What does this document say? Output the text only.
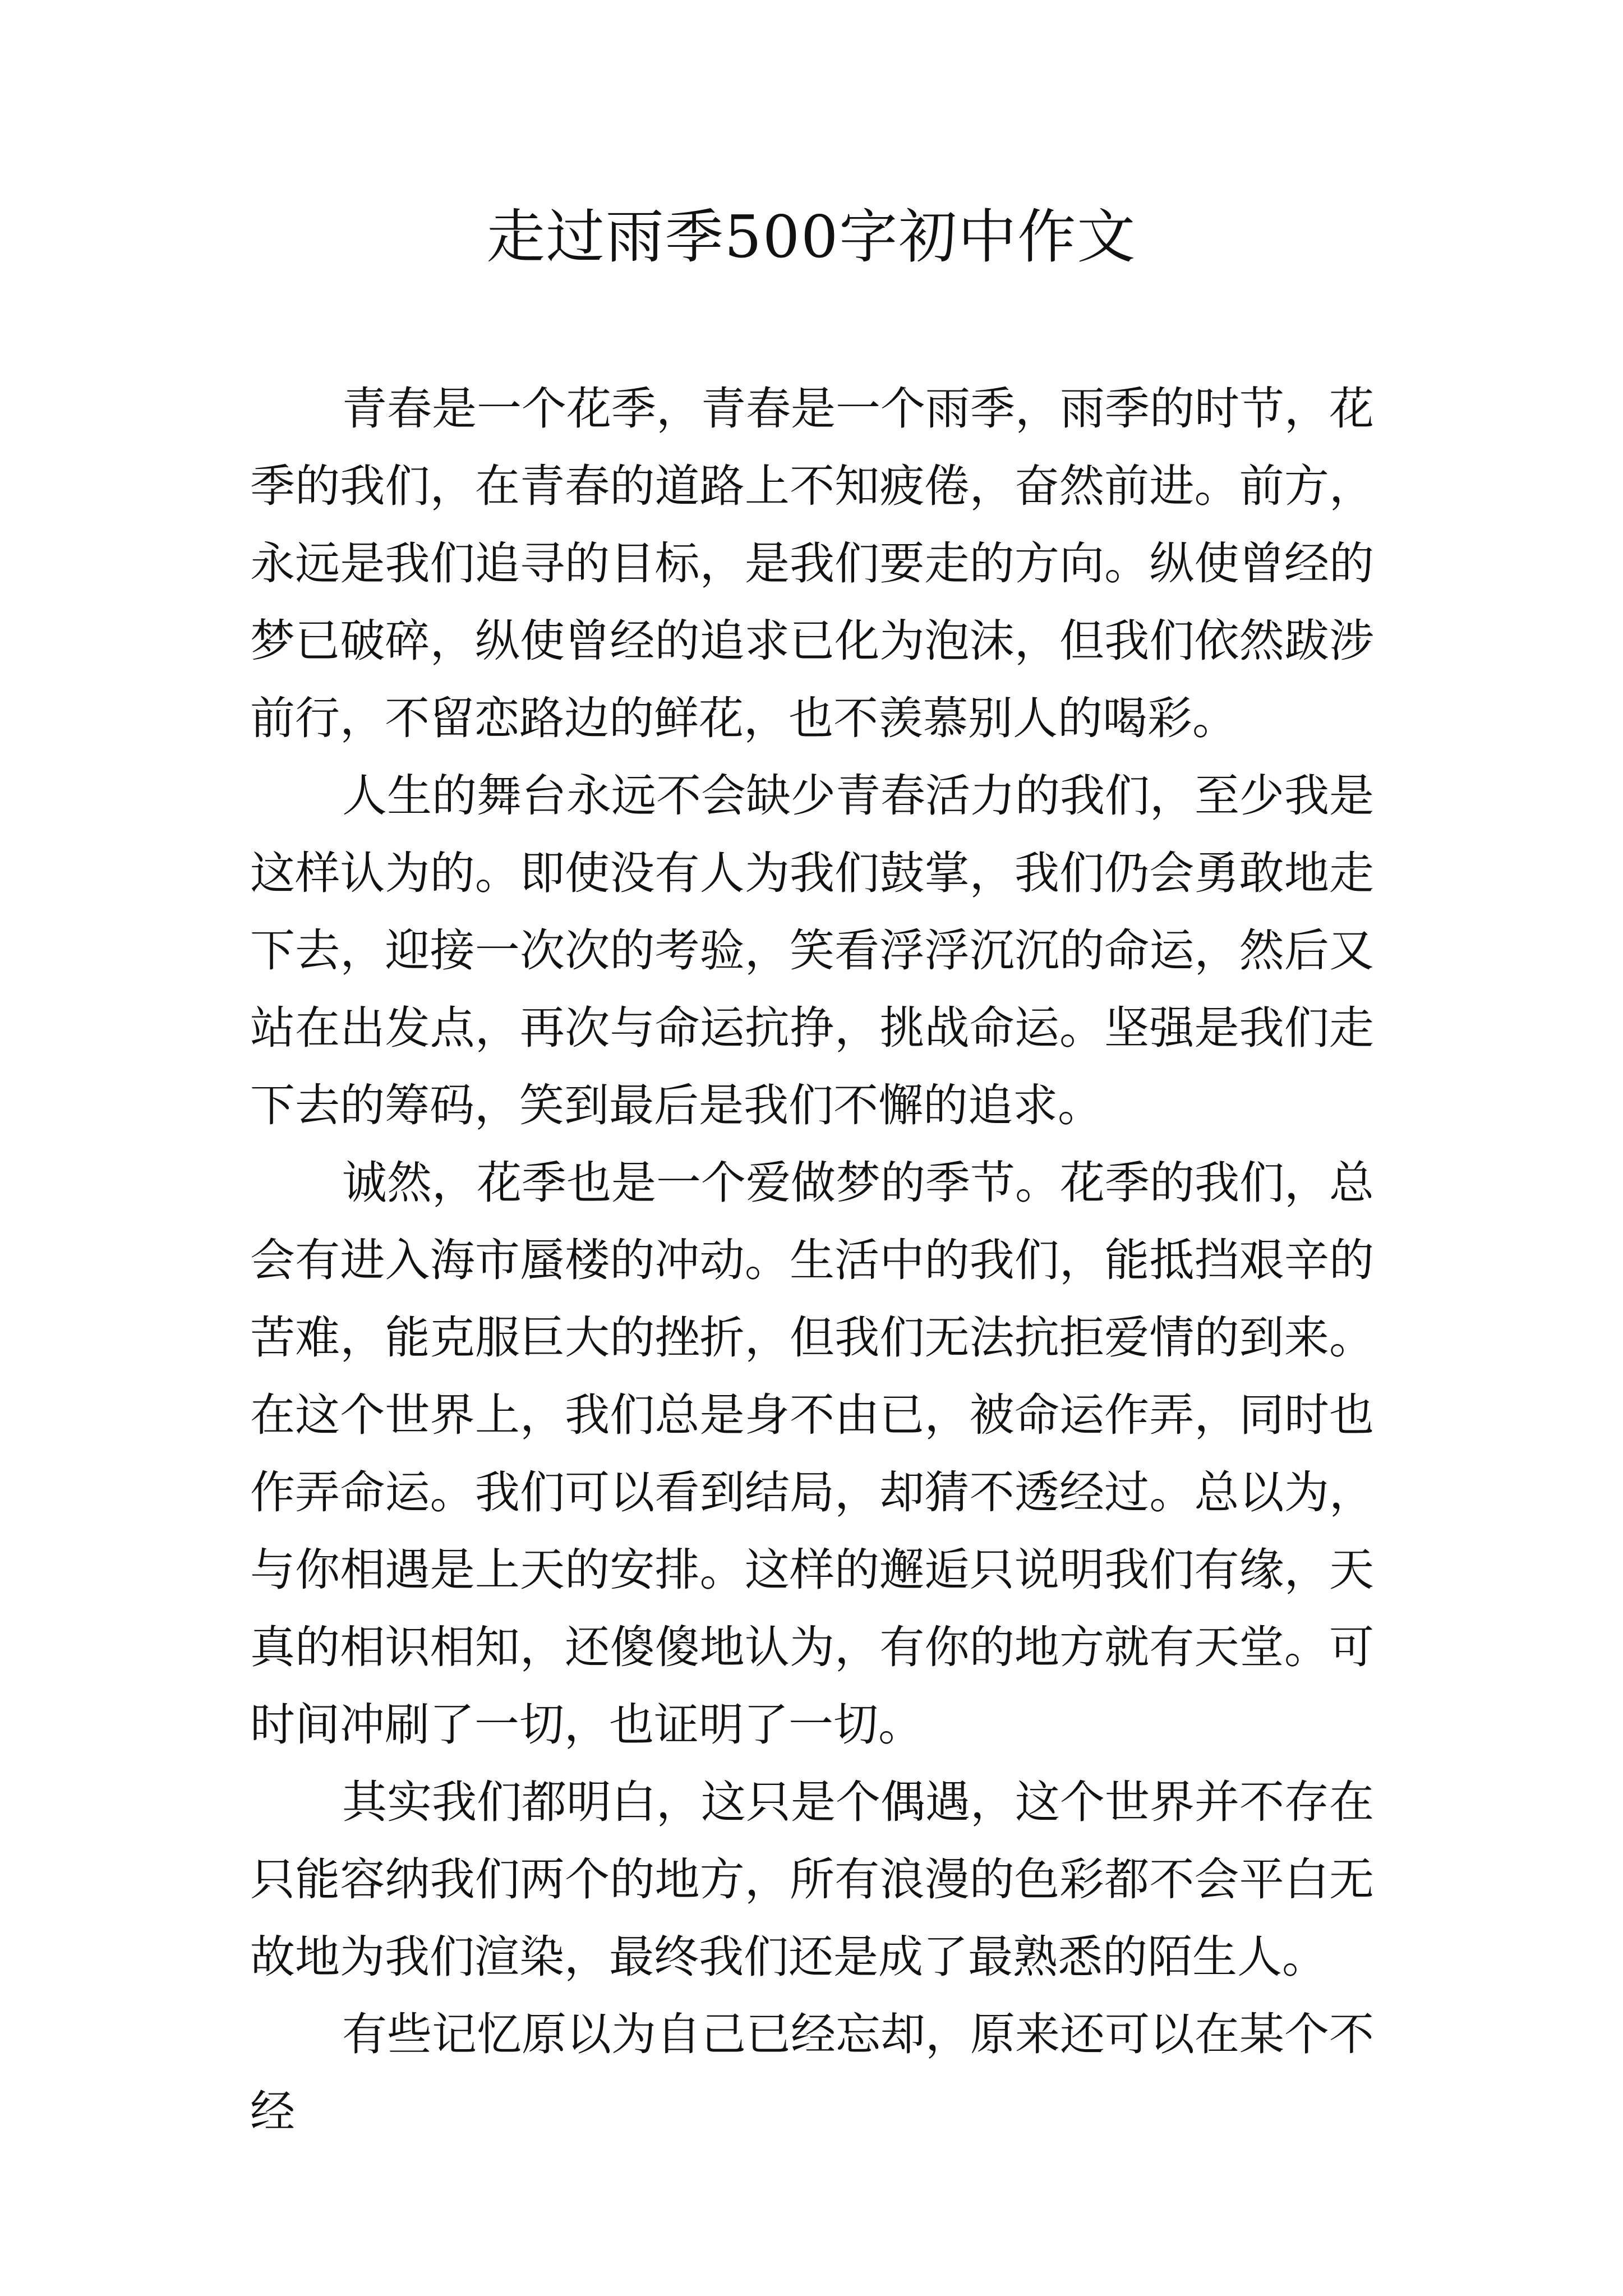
走过雨季500字初中作文

青春是一个花季，青春是一个雨季，雨季的时节，花季的我们，在青春的道路上不知疲倦，奋然前进。前方，永远是我们追寻的目标，是我们要走的方向。纵使曾经的梦已破碎，纵使曾经的追求已化为泡沫，但我们依然跋涉前行，不留恋路边的鲜花，也不羡慕别人的喝彩。

人生的舞台永远不会缺少青春活力的我们，至少我是这样认为的。即使没有人为我们鼓掌，我们仍会勇敢地走下去，迎接一次次的考验，笑看浮浮沉沉的命运，然后又站在出发点，再次与命运抗挣，挑战命运。坚强是我们走下去的筹码，笑到最后是我们不懈的追求。

诚然，花季也是一个爱做梦的季节。花季的我们，总会有进入海市蜃楼的冲动。生活中的我们，能抵挡艰辛的苦难，能克服巨大的挫折，但我们无法抗拒爱情的到来。在这个世界上，我们总是身不由已，被命运作弄，同时也作弄命运。我们可以看到结局，却猜不透经过。总以为，与你相遇是上天的安排。这样的邂逅只说明我们有缘，天真的相识相知，还傻傻地认为，有你的地方就有天堂。可时间冲刷了一切，也证明了一切。

其实我们都明白，这只是个偶遇，这个世界并不存在只能容纳我们两个的地方，所有浪漫的色彩都不会平白无故地为我们渲染，最终我们还是成了最熟悉的陌生人。

有些记忆原以为自己已经忘却，原来还可以在某个不经
